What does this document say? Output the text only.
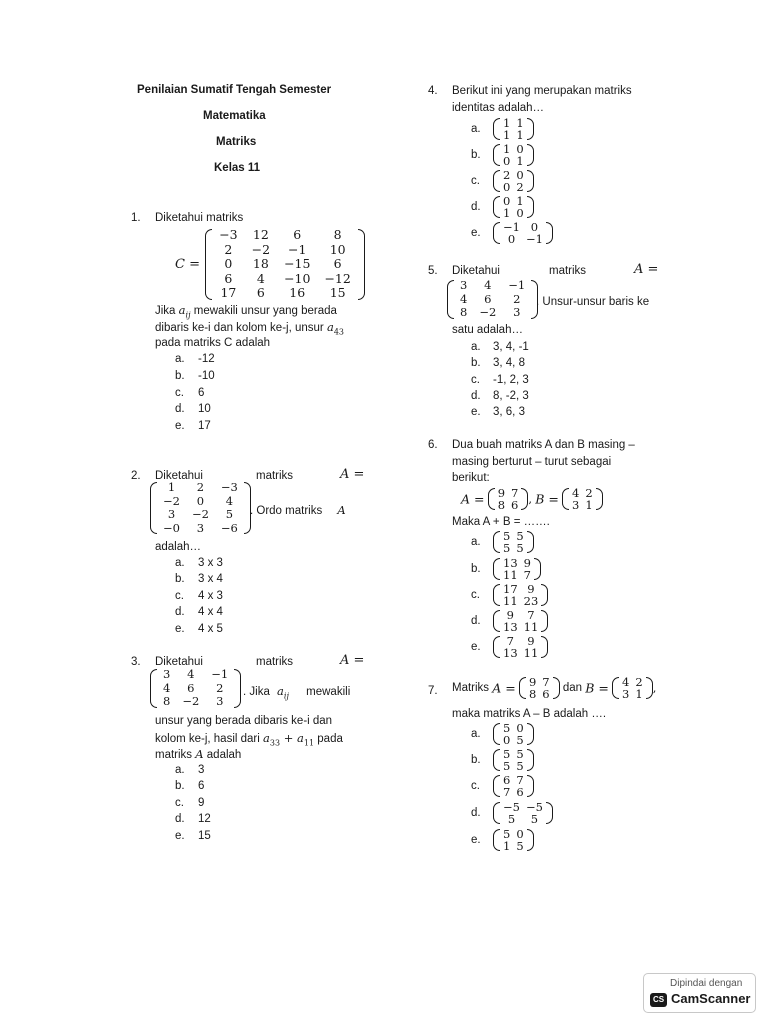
Penilaian Sumatif Tengah Semester
Matematika
Matriks
Kelas 11
1. Diketahui matriks
C =
−3	12	6	8
2	−2	−1	10
0	18	−15	6
6	4	−10	−12
17	6	16	15
Jika $a_{ij}$ mewakili unsur yang berada
dibaris ke-i dan kolom ke-j, unsur $a_{43}$
pada matriks C adalah
a. -12
b. -10
c. 6
d. 10
e. 17
2. Diketahui	matriks	A =
1	2	−3
−2	0	4
3	−2	5
−0	3	−6
. Ordo matriks A
adalah…
a. 3 x 3
b. 3 x 4
c. 4 x 3
d. 4 x 4
e. 4 x 5
3. Diketahui	matriks	A =
3	4	−1
4	6	2
8	−2	3
. Jika $a_{ij}$ mewakili
unsur yang berada dibaris ke-i dan
kolom ke-j, hasil dari $a_{33} + a_{11}$ pada
matriks A adalah
a. 3
b. 6
c. 9
d. 12
e. 15
4. Berikut ini yang merupakan matriks
identitas adalah…
a. 1	1
1	1
b. 1	0
0	1
c. 2	0
0	2
d. 0	1
1	0
e. −1	0
0	−1
5. Diketahui	matriks	A =
3	4	−1
4	6	2
8	−2	3
. Unsur-unsur baris ke
satu adalah…
a. 3, 4, -1
b. 3, 4, 8
c. -1, 2, 3
d. 8, -2, 3
e. 3, 6, 3
6. Dua buah matriks A dan B masing –
masing berturut – turut sebagai
berikut:
A = 9	7
8	6 , B = 4	2
3	1
Maka A + B = …….
a. 5	5
5	5
b. 13	9
11	7
c. 17	9
11	23
d. 9	7
13	11
e. 7	9
13	11
7. Matriks A = 9	7
8	6 dan B = 4	2
3	1 ,
maka matriks A – B adalah ….
a. 5	0
0	5
b. 5	5
5	5
c. 6	7
7	6
d. −5	−5
5	5
e. 5	0
1	5
Dipindai dengan
CS CamScanner
